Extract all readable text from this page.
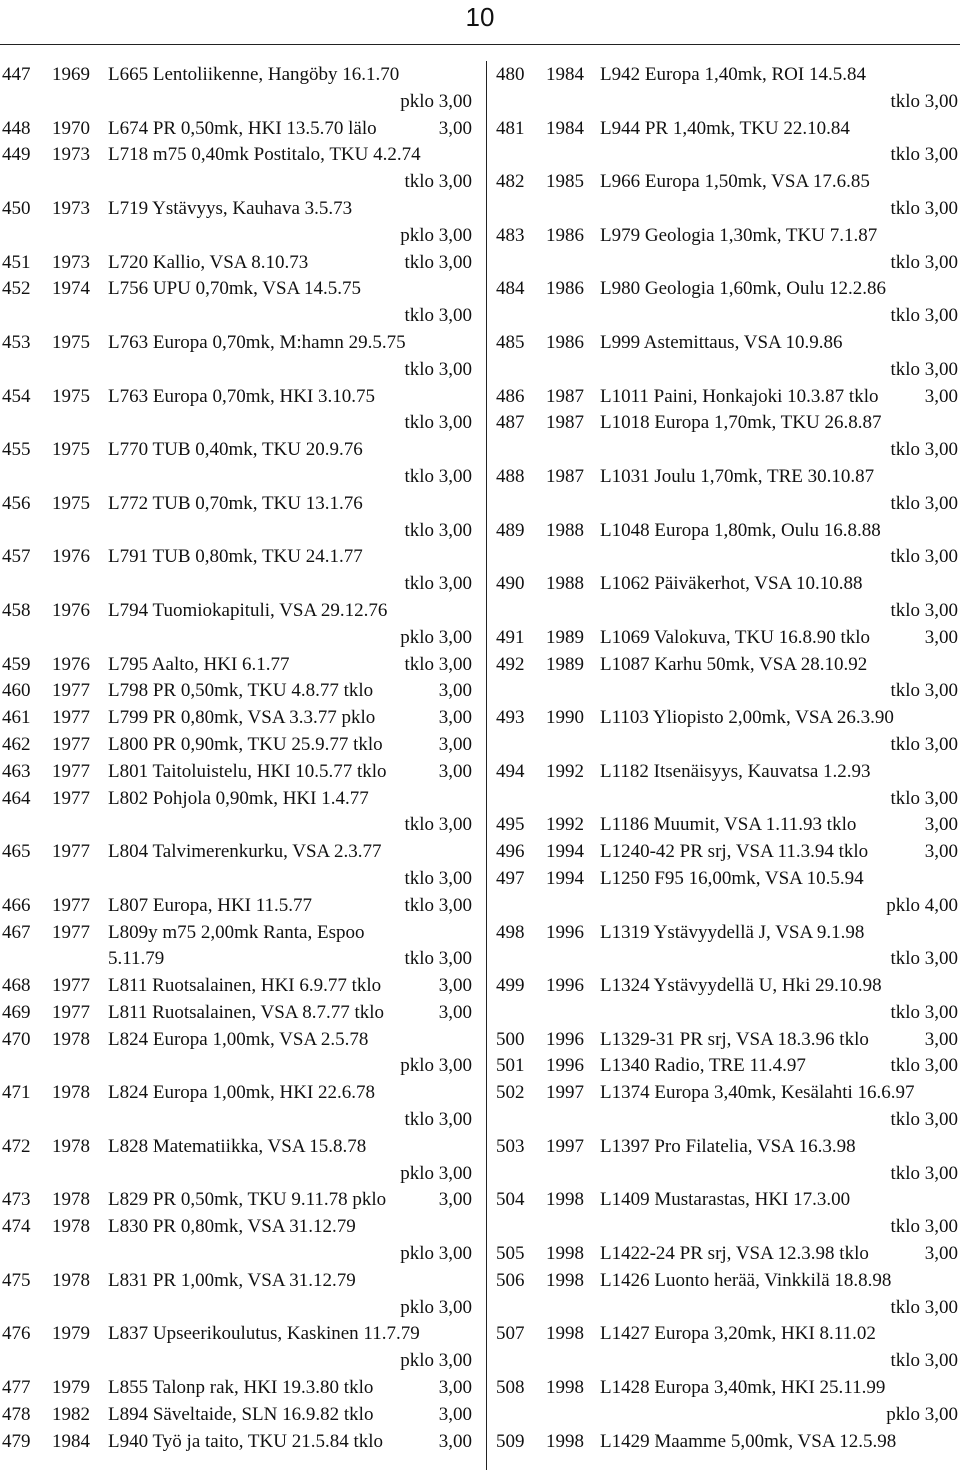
10
447 1969 L665 Lentoliikenne, Hangöby 16.1.70
pklo 3,00
448 1970 L674 PR 0,50mk, HKI 13.5.70 lälo	3,00
449 1973 L718 m75 0,40mk Postitalo, TKU 4.2.74
tklo 3,00
450 1973 L719 Ystävyys, Kauhava 3.5.73
pklo 3,00
451 1973 L720 Kallio, VSA 8.10.73	tklo 3,00
452 1974 L756 UPU 0,70mk, VSA 14.5.75
tklo 3,00
453 1975 L763 Europa 0,70mk, M:hamn 29.5.75
tklo 3,00
454 1975 L763 Europa 0,70mk, HKI 3.10.75
tklo 3,00
455 1975 L770 TUB 0,40mk, TKU 20.9.76
tklo 3,00
456 1975 L772 TUB 0,70mk, TKU 13.1.76
tklo 3,00
457 1976 L791 TUB 0,80mk, TKU 24.1.77
tklo 3,00
458 1976 L794 Tuomiokapituli, VSA 29.12.76
pklo 3,00
459 1976 L795 Aalto, HKI 6.1.77	tklo 3,00
460 1977 L798 PR 0,50mk, TKU 4.8.77 tklo	3,00
461 1977 L799 PR 0,80mk, VSA 3.3.77 pklo	3,00
462 1977 L800 PR 0,90mk, TKU 25.9.77 tklo	3,00
463 1977 L801 Taitoluistelu, HKI 10.5.77 tklo	3,00
464 1977 L802 Pohjola 0,90mk, HKI 1.4.77
tklo 3,00
465 1977 L804 Talvimerenkurku, VSA 2.3.77
tklo 3,00
466 1977 L807 Europa, HKI 11.5.77	tklo 3,00
467 1977 L809y m75 2,00mk Ranta, Espoo
5.11.79	tklo 3,00
468 1977 L811 Ruotsalainen, HKI 6.9.77 tklo	3,00
469 1977 L811 Ruotsalainen, VSA 8.7.77 tklo	3,00
470 1978 L824 Europa 1,00mk, VSA 2.5.78
pklo 3,00
471 1978 L824 Europa 1,00mk, HKI 22.6.78
tklo 3,00
472 1978 L828 Matematiikka, VSA 15.8.78
pklo 3,00
473 1978 L829 PR 0,50mk, TKU 9.11.78 pklo	3,00
474 1978 L830 PR 0,80mk, VSA 31.12.79
pklo 3,00
475 1978 L831 PR 1,00mk, VSA 31.12.79
pklo 3,00
476 1979 L837 Upseerikoulutus, Kaskinen 11.7.79
pklo 3,00
477 1979 L855 Talonp rak, HKI 19.3.80 tklo	3,00
478 1982 L894 Säveltaide, SLN 16.9.82 tklo	3,00
479 1984 L940 Työ ja taito, TKU 21.5.84 tklo	3,00
480 1984 L942 Europa 1,40mk, ROI 14.5.84
tklo 3,00
481 1984 L944 PR 1,40mk, TKU 22.10.84
tklo 3,00
482 1985 L966 Europa 1,50mk, VSA 17.6.85
tklo 3,00
483 1986 L979 Geologia 1,30mk, TKU 7.1.87
tklo 3,00
484 1986 L980 Geologia 1,60mk, Oulu 12.2.86
tklo 3,00
485 1986 L999 Astemittaus, VSA 10.9.86
tklo 3,00
486 1987 L1011 Paini, Honkajoki 10.3.87 tklo 3,00
487 1987 L1018 Europa 1,70mk, TKU 26.8.87
tklo 3,00
488 1987 L1031 Joulu 1,70mk, TRE 30.10.87
tklo 3,00
489 1988 L1048 Europa 1,80mk, Oulu 16.8.88
tklo 3,00
490 1988 L1062 Päiväkerhot, VSA 10.10.88
tklo 3,00
491 1989 L1069 Valokuva, TKU 16.8.90 tklo	3,00
492 1989 L1087 Karhu 50mk, VSA 28.10.92
tklo 3,00
493 1990 L1103 Yliopisto 2,00mk, VSA 26.3.90
tklo 3,00
494 1992 L1182 Itsenäisyys, Kauvatsa 1.2.93
tklo 3,00
495 1992 L1186 Muumit, VSA 1.11.93 tklo	3,00
496 1994 L1240-42 PR srj, VSA 11.3.94 tklo	3,00
497 1994 L1250 F95 16,00mk, VSA 10.5.94
pklo 4,00
498 1996 L1319 Ystävyydellä J, VSA 9.1.98
tklo 3,00
499 1996 L1324 Ystävyydellä U, Hki 29.10.98
tklo 3,00
500 1996 L1329-31 PR srj, VSA 18.3.96 tklo	3,00
501 1996 L1340 Radio, TRE 11.4.97	tklo 3,00
502 1997 L1374 Europa 3,40mk, Kesälahti 16.6.97
tklo 3,00
503 1997 L1397 Pro Filatelia, VSA 16.3.98
tklo 3,00
504 1998 L1409 Mustarastas, HKI 17.3.00
tklo 3,00
505 1998 L1422-24 PR srj, VSA 12.3.98 tklo	3,00
506 1998 L1426 Luonto herää, Vinkkilä 18.8.98
tklo 3,00
507 1998 L1427 Europa 3,20mk, HKI 8.11.02
tklo 3,00
508 1998 L1428 Europa 3,40mk, HKI 25.11.99
pklo 3,00
509 1998 L1429 Maamme 5,00mk, VSA 12.5.98
